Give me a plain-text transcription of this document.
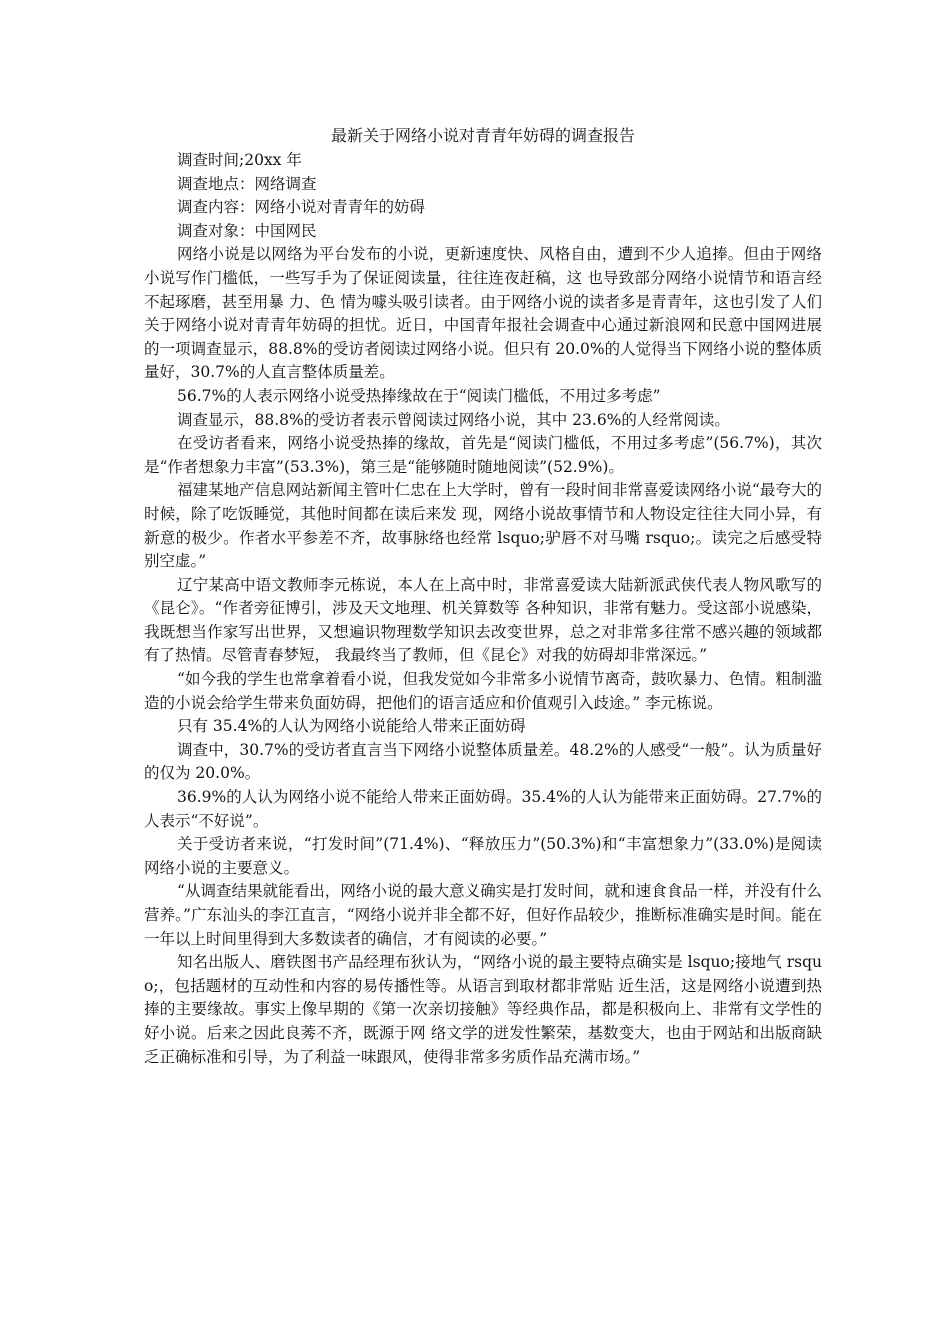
最新关于网络小说对青青年妨碍的调查报告

调查时间;20xx 年

调查地点：网络调查

调查内容：网络小说对青青年的妨碍

调查对象：中国网民

网络小说是以网络为平台发布的小说，更新速度快、风格自由，遭到不少人追捧。但由于网络小说写作门槛低，一些写手为了保证阅读量，往往连夜赶稿，这 也导致部分网络小说情节和语言经不起琢磨，甚至用暴 力、色 情为噱头吸引读者。由于网络小说的读者多是青青年，这也引发了人们关于网络小说对青青年妨碍的担忧。近日，中国青年报社会调查中心通过新浪网和民意中国网进展的一项调查显示，88.8%的受访者阅读过网络小说。但只有 20.0%的人觉得当下网络小说的整体质量好，30.7%的人直言整体质量差。

56.7%的人表示网络小说受热捧缘故在于“阅读门槛低，不用过多考虑”

调查显示，88.8%的受访者表示曾阅读过网络小说，其中 23.6%的人经常阅读。

在受访者看来，网络小说受热捧的缘故，首先是“阅读门槛低，不用过多考虑”(56.7%)，其次是“作者想象力丰富”(53.3%)，第三是“能够随时随地阅读”(52.9%)。

福建某地产信息网站新闻主管叶仁忠在上大学时，曾有一段时间非常喜爱读网络小说“最夸大的时候，除了吃饭睡觉，其他时间都在读后来发 现，网络小说故事情节和人物设定往往大同小异，有新意的极少。作者水平参差不齐，故事脉络也经常 lsquo;驴唇不对马嘴 rsquo;。读完之后感受特别空虚。”

辽宁某高中语文教师李元栋说，本人在上高中时，非常喜爱读大陆新派武侠代表人物风歌写的《昆仑》。“作者旁征博引，涉及天文地理、机关算数等 各种知识，非常有魅力。受这部小说感染，我既想当作家写出世界，又想遍识物理数学知识去改变世界，总之对非常多往常不感兴趣的领域都有了热情。尽管青春梦短， 我最终当了教师，但《昆仑》对我的妨碍却非常深远。”

“如今我的学生也常拿着看小说，但我发觉如今非常多小说情节离奇，鼓吹暴力、色情。粗制滥造的小说会给学生带来负面妨碍，把他们的语言适应和价值观引入歧途。” 李元栋说。

只有 35.4%的人认为网络小说能给人带来正面妨碍

调查中，30.7%的受访者直言当下网络小说整体质量差。48.2%的人感受“一般”。认为质量好的仅为 20.0%。

36.9%的人认为网络小说不能给人带来正面妨碍。35.4%的人认为能带来正面妨碍。27.7%的人表示“不好说”。

关于受访者来说，“打发时间”(71.4%)、“释放压力”(50.3%)和“丰富想象力”(33.0%)是阅读网络小说的主要意义。

“从调查结果就能看出，网络小说的最大意义确实是打发时间，就和速食食品一样，并没有什么营养。”广东汕头的李江直言，“网络小说并非全都不好，但好作品较少，推断标准确实是时间。能在一年以上时间里得到大多数读者的确信，才有阅读的必要。”

知名出版人、磨铁图书产品经理布狄认为，“网络小说的最主要特点确实是 lsquo;接地气 rsquo;，包括题材的互动性和内容的易传播性等。从语言到取材都非常贴 近生活，这是网络小说遭到热捧的主要缘故。事实上像早期的《第一次亲切接触》等经典作品，都是积极向上、非常有文学性的好小说。后来之因此良莠不齐，既源于网 络文学的迸发性繁荣，基数变大，也由于网站和出版商缺乏正确标准和引导，为了利益一味跟风，使得非常多劣质作品充满市场。”
